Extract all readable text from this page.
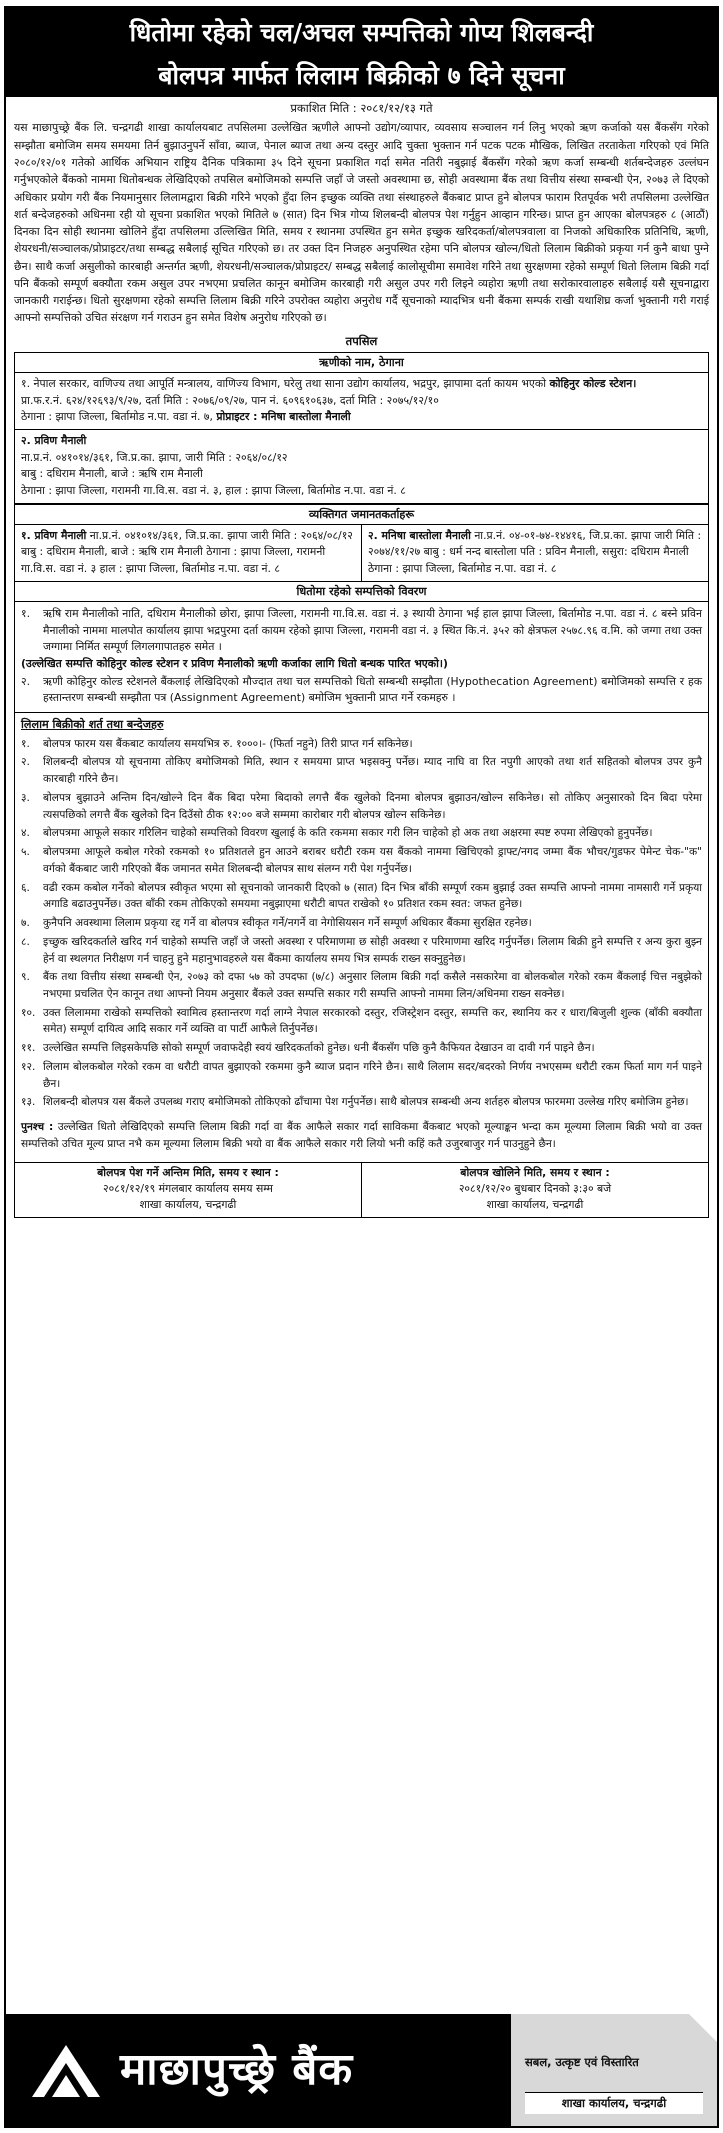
धितोमा रहेको चल/अचल सम्पत्तिको गोप्य शिलबन्दी
बोलपत्र मार्फत लिलाम बिक्रीको ७ दिने सूचना
प्रकाशित मिति : २०८१/१२/१३ गते

यस माछापुच्छ्रे बैंक लि. चन्द्रगढी शाखा कार्यालयबाट तपसिलमा उल्लेखित ऋणीले आफ्नो उद्योग/व्यापार, व्यवसाय सञ्चालन गर्न लिनु भएको ऋण कर्जाको यस बैंकसँग गरेको सम्झौता बमोजिम समय समयमा तिर्न बुझाउनुपर्ने साँवा, ब्याज, पेनाल ब्याज तथा अन्य दस्तुर आदि चुक्ता भुक्तान गर्न पटक पटक मौखिक, लिखित तरताकेता गरिएको एवं मिति २०८०/१२/०१ गतेको आर्थिक अभियान राष्ट्रिय दैनिक पत्रिकामा ३५ दिने सूचना प्रकाशित गर्दा समेत नतिरी नबुझाई बैंकसँग गरेको ऋण कर्जा सम्बन्धी शर्तबन्देजहरु उल्लंघन गर्नुभएकोले बैंकको नाममा धितोबन्धक लेखिदिएको तपसिल बमोजिमको सम्पत्ति जहाँ जे जस्तो अवस्थामा छ, सोही अवस्थामा बैंक तथा वित्तीय संस्था सम्बन्धी ऐन, २०७३ ले दिएको अधिकार प्रयोग गरी बैंक नियमानुसार लिलामद्वारा बिक्री गरिने भएको हुँदा लिन इच्छुक व्यक्ति तथा संस्थाहरुले बैंकबाट प्राप्त हुने बोलपत्र फाराम रितपूर्वक भरी तपसिलमा उल्लेखित शर्त बन्देजहरुको अधिनमा रही यो सूचना प्रकाशित भएको मितिले ७ (सात) दिन भित्र गोप्य शिलबन्दी बोलपत्र पेश गर्नुहुन आव्हान गरिन्छ। प्राप्त हुन आएका बोलपत्रहरु ८ (आठौं) दिनका दिन सोही स्थानमा खोलिने हुँदा तपसिलमा उल्लिखित मिति, समय र स्थानमा उपस्थित हुन समेत इच्छुक खरिदकर्ता/बोलपत्रवाला वा निजको अधिकारिक प्रतिनिधि, ऋणी, शेयरधनी/सञ्चालक/प्रोप्राइटर/तथा सम्बद्ध सबैलाई सूचित गरिएको छ। तर उक्त दिन निजहरु अनुपस्थित रहेमा पनि बोलपत्र खोल्न/धितो लिलाम बिक्रीको प्रकृया गर्न कुनै बाधा पुग्ने छैन। साथै कर्जा असुलीको कारबाही अन्तर्गत ऋणी, शेयरधनी/सञ्चालक/प्रोप्राइटर/ सम्बद्ध सबैलाई कालोसूचीमा समावेश गरिने तथा सुरक्षणमा रहेको सम्पूर्ण धितो लिलाम बिक्री गर्दा पनि बैंकको सम्पूर्ण बक्यौता रकम असुल उपर नभएमा प्रचलित कानून बमोजिम कारबाही गरी असुल उपर गरी लिइने व्यहोरा ऋणी तथा सरोकारवालाहरु सबैलाई यसै सूचनाद्वारा जानकारी गराईन्छ। धितो सुरक्षणमा रहेको सम्पत्ति लिलाम बिक्री गरिने उपरोक्त व्यहोरा अनुरोध गर्दै सूचनाको म्यादभित्र धनी बैंकमा सम्पर्क राखी यथाशिघ्र कर्जा भुक्तानी गरी गराई आफ्नो सम्पत्तिको उचित संरक्षण गर्न गराउन हुन समेत विशेष अनुरोध गरिएको छ।

तपसिल
ऋणीको नाम, ठेगाना
१. नेपाल सरकार, वाणिज्य तथा आपूर्ति मन्त्रालय, वाणिज्य विभाग, घरेलु तथा साना उद्योग कार्यालय, भद्रपुर, झापामा दर्ता कायम भएको कोहिनुर कोल्ड स्टेशन।
प्रा.फ.र.नं. ६२४/१२६९३/९/२७, दर्ता मिति : २०७६/०९/२७, पान नं. ६०९६१०६३७, दर्ता मिति : २०७५/१२/१०
ठेगाना : झापा जिल्ला, बिर्तामोड न.पा. वडा नं. ७, प्रोप्राइटर : मनिषा बास्तोला मैनाली
२. प्रविण मैनाली
ना.प्र.नं. ०४१०१४/३६१, जि.प्र.का. झापा, जारी मिति : २०६४/०८/१२
बाबु : दधिराम मैनाली, बाजे : ऋषि राम मैनाली
ठेगाना : झापा जिल्ला, गरामनी गा.वि.स. वडा नं. ३, हाल : झापा जिल्ला, बिर्तामोड न.पा. वडा नं. ८
व्यक्तिगत जमानतकर्ताहरू
१. प्रविण मैनाली ना.प्र.नं. ०४१०१४/३६१, जि.प्र.का. झापा जारी मिति : २०६४/०८/१२ बाबु : दधिराम मैनाली, बाजे : ऋषि राम मैनाली ठेगाना : झापा जिल्ला, गरामनी गा.वि.स. वडा नं. ३ हाल : झापा जिल्ला, बिर्तामोड न.पा. वडा नं. ८
२. मनिषा बास्तोला मैनाली ना.प्र.नं. ०४-०१-७४-१४४१६, जि.प्र.का. झापा जारी मिति : २०७४/११/२७ बाबु : धर्म नन्द बास्तोला पति : प्रविन मैनाली, ससुरा: दधिराम मैनाली ठेगाना : झापा जिल्ला, बिर्तामोड न.पा. वडा नं. ८
धितोमा रहेको सम्पत्तिको विवरण
१.	ऋषि राम मैनालीको नाति, दधिराम मैनालीको छोरा, झापा जिल्ला, गरामनी गा.वि.स. वडा नं. ३ स्थायी ठेगाना भई हाल झापा जिल्ला, बिर्तामोड न.पा. वडा नं. ८ बस्ने प्रविन मैनालीको नाममा मालपोत कार्यालय झापा भद्रपुरमा दर्ता कायम रहेको झापा जिल्ला, गरामनी वडा नं. ३ स्थित कि.नं. ३५२ को क्षेत्रफल २५७८.९६ व.मि. को जग्गा तथा उक्त जग्गामा निर्मित सम्पूर्ण लिगलगापातहरु समेत ।
(उल्लेखित सम्पत्ति कोहिनुर कोल्ड स्टेशन र प्रविण मैनालीको ऋणी कर्जाका लागि धितो बन्धक पारित भएको।)
२.	ऋणी कोहिनुर कोल्ड स्टेशनले बैंकलाई लेखिदिएको मौज्दात तथा चल सम्पत्तिको धितो सम्बन्धी सम्झौता (Hypothecation Agreement) बमोजिमको सम्पत्ति र हक हस्तान्तरण सम्बन्धी सम्झौता पत्र (Assignment Agreement) बमोजिम भुक्तानी प्राप्त गर्ने रकमहरु ।
लिलाम बिक्रीको शर्त तथा बन्देजहरु
१.	बोलपत्र फारम यस बैंकबाट कार्यालय समयभित्र रु. १०००।- (फिर्ता नहुने) तिरी प्राप्त गर्न सकिनेछ।
२.	शिलबन्दी बोलपत्र यो सूचनामा तोकिए बमोजिमको मिति, स्थान र समयमा प्राप्त भइसक्नु पर्नेछ। म्याद नाघि वा रित नपुगी आएको तथा शर्त सहितको बोलपत्र उपर कुनै कारबाही गरिने छैन।
३.	बोलपत्र बुझाउने अन्तिम दिन/खोल्ने दिन बैंक बिदा परेमा बिदाको लगत्तै बैंक खुलेको दिनमा बोलपत्र बुझाउन/खोल्न सकिनेछ। सो तोकिए अनुसारको दिन बिदा परेमा त्यसपछिको लगत्तै बैंक खुलेको दिन दिउँसो ठीक १२:०० बजे सम्ममा कारोबार गरी बोलपत्र खोल्न सकिनेछ।
४.	बोलपत्रमा आफूले सकार गरिलिन चाहेको सम्पत्तिको विवरण खुलाई के कति रकममा सकार गरी लिन चाहेको हो अक तथा अक्षरमा स्पष्ट रुपमा लेखिएको हुनुपर्नेछ।
५.	बोलपत्रमा आफूले कबोल गरेको रकमको १० प्रतिशतले हुन आउने बराबर धरौटी रकम यस बैंकको नाममा खिचिएको ड्राफ्ट/नगद जम्मा बैंक भौचर/गुडफर पेमेन्ट चेक-"क" वर्गको बैंकबाट जारी गरिएको बैंक जमानत समेत शिलबन्दी बोलपत्र साथ संलग्न गरी पेश गर्नुपर्नेछ।
६.	वढी रकम कबोल गर्नेको बोलपत्र स्वीकृत भएमा सो सूचनाको जानकारी दिएको ७ (सात) दिन भित्र बाँकी सम्पूर्ण रकम बुझाई उक्त सम्पत्ति आफ्नो नाममा नामसारी गर्ने प्रकृया अगाडि बढाउनुपर्नेछ। उक्त बाँकी रकम तोकिएको समयमा नबुझाएमा धरौटी बापत राखेको १० प्रतिशत रकम स्वत: जफत हुनेछ।
७.	कुनैपनि अवस्थामा लिलाम प्रकृया रद्द गर्ने वा बोलपत्र स्वीकृत गर्ने/नगर्ने वा नेगोसियसन गर्ने सम्पूर्ण अधिकार बैंकमा सुरक्षित रहनेछ।
८.	इच्छुक खरिदकर्ताले खरिद गर्न चाहेको सम्पत्ति जहाँ जे जस्तो अवस्था र परिमाणमा छ सोही अवस्था र परिमाणमा खरिद गर्नुपर्नेछ। लिलाम बिक्री हुने सम्पत्ति र अन्य कुरा बुझ्न हेर्न वा स्थलगत निरीक्षण गर्न चाहनु हुने महानुभावहरुले यस बैंकमा कार्यालय समय भित्र सम्पर्क राख्न सक्नुहुनेछ।
९.	बैंक तथा वित्तीय संस्था सम्बन्धी ऐन, २०७३ को दफा ५७ को उपदफा (७/८) अनुसार लिलाम बिक्री गर्दा कसैले नसकारेमा वा बोलकबोल गरेको रकम बैंकलाई चित्त नबुझेको नभएमा प्रचलित ऐन कानून तथा आफ्नो नियम अनुसार बैंकले उक्त सम्पत्ति सकार गरी सम्पत्ति आफ्नो नाममा लिन/अधिनमा राख्न सक्नेछ।
१०. उक्त लिलाममा राखेको सम्पत्तिको स्वामित्व हस्तान्तरण गर्दा लाग्ने नेपाल सरकारको दस्तुर, रजिस्ट्रेशन दस्तुर, सम्पत्ति कर, स्थानिय कर र धारा/बिजुली शुल्क (बाँकी बक्यौता समेत) सम्पूर्ण दायित्व आदि सकार गर्ने व्यक्ति वा पार्टी आफैले तिर्नुपर्नेछ।
११. उल्लेखित सम्पत्ति लिइसकेपछि सोको सम्पूर्ण जवाफदेही स्वयं खरिदकर्ताको हुनेछ। धनी बैंकसँग पछि कुनै कैफियत देखाउन वा दावी गर्न पाइने छैन।
१२. लिलाम बोलकबोल गरेको रकम वा धरौटी वापत बुझाएको रकममा कुनै ब्याज प्रदान गरिने छैन। साथै लिलाम सदर/बदरको निर्णय नभएसम्म धरौटी रकम फिर्ता माग गर्न पाइने छैन।
१३. शिलबन्दी बोलपत्र यस बैंकले उपलब्ध गराए बमोजिमको तोकिएको ढाँचामा पेश गर्नुपर्नेछ। साथै बोलपत्र सम्बन्धी अन्य शर्तहरु बोलपत्र फारममा उल्लेख गरिए बमोजिम हुनेछ।
पुनश्च : उल्लेखित धितो लेखिदिएको सम्पत्ति लिलाम बिक्री गर्दा वा बैंक आफैले सकार गर्दा साविकमा बैंकबाट भएको मूल्याङ्कन भन्दा कम मूल्यमा लिलाम बिक्री भयो वा उक्त सम्पत्तिको उचित मूल्य प्राप्त नभै कम मूल्यमा लिलाम बिक्री भयो वा बैंक आफैले सकार गरी लियो भनी कहिं कतै उजुरबाजुर गर्न पाउनुहुने छैन।
बोलपत्र पेश गर्ने अन्तिम मिति, समय र स्थान :
२०८१/१२/१९ मंगलबार कार्यालय समय सम्म
शाखा कार्यालय, चन्द्रगढी
बोलपत्र खोलिने मिति, समय र स्थान :
२०८१/१२/२० बुधबार दिनको ३:३० बजे
शाखा कार्यालय, चन्द्रगढी
माछापुच्छ्रे बैंक	सबल, उत्कृष्ट एवं विस्तारित
शाखा कार्यालय, चन्द्रगढी
